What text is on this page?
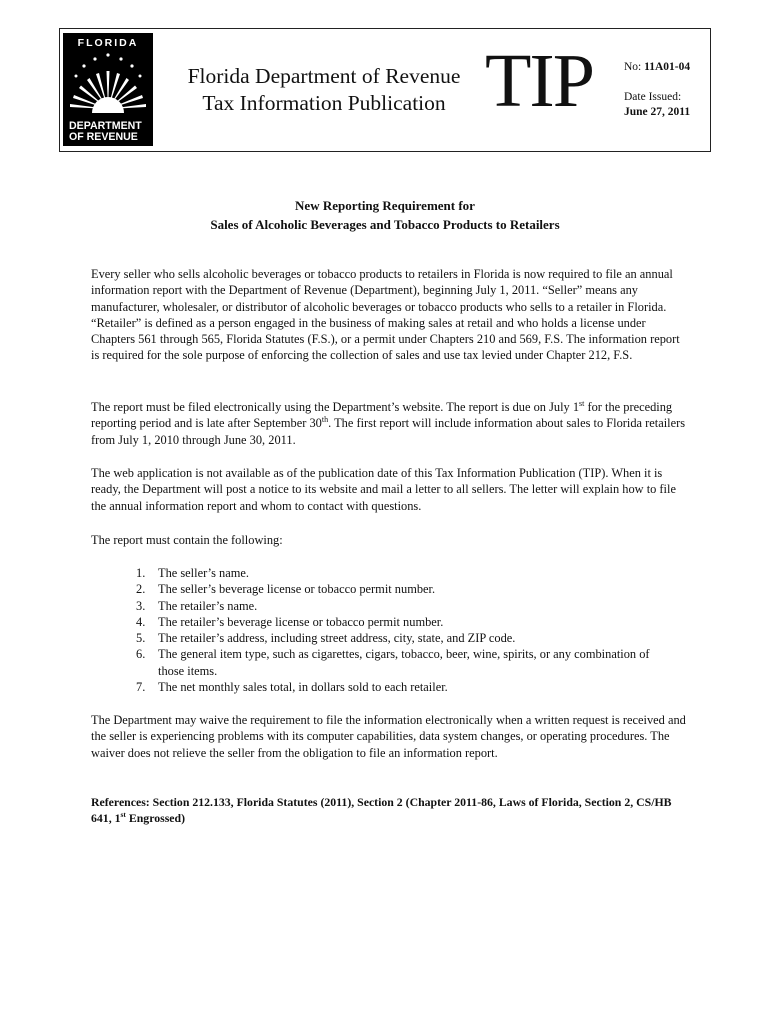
FLORIDA
DEPARTMENT
OF REVENUE
Florida Department of Revenue
Tax Information Publication TIP	No: 11A01-04
Date Issued:
June 27, 2011
New Reporting Requirement for
Sales of Alcoholic Beverages and Tobacco Products to Retailers

Every seller who sells alcoholic beverages or tobacco products to retailers in Florida is now required to file an annual information report with the Department of Revenue (Department), beginning July 1, 2011. “Seller” means any manufacturer, wholesaler, or distributor of alcoholic beverages or tobacco products who sells to a retailer in Florida. “Retailer” is defined as a person engaged in the business of making sales at retail and who holds a license under Chapters 561 through 565, Florida Statutes (F.S.), or a permit under Chapters 210 and 569, F.S. The information report is required for the sole purpose of enforcing the collection of sales and use tax levied under Chapter 212, F.S.

The report must be filed electronically using the Department’s website. The report is due on July 1st for the preceding reporting period and is late after September 30th. The first report will include information about sales to Florida retailers from July 1, 2010 through June 30, 2011.

The web application is not available as of the publication date of this Tax Information Publication (TIP). When it is ready, the Department will post a notice to its website and mail a letter to all sellers. The letter will explain how to file the annual information report and whom to contact with questions.

The report must contain the following:

1.	The seller’s name.
2.	The seller’s beverage license or tobacco permit number.
3.	The retailer’s name.
4.	The retailer’s beverage license or tobacco permit number.
5.	The retailer’s address, including street address, city, state, and ZIP code.
6.	The general item type, such as cigarettes, cigars, tobacco, beer, wine, spirits, or any combination of those items.
7.	The net monthly sales total, in dollars sold to each retailer.

The Department may waive the requirement to file the information electronically when a written request is received and the seller is experiencing problems with its computer capabilities, data system changes, or operating procedures. The waiver does not relieve the seller from the obligation to file an information report.

References: Section 212.133, Florida Statutes (2011), Section 2 (Chapter 2011-86, Laws of Florida, Section 2, CS/HB 641, 1st Engrossed)
